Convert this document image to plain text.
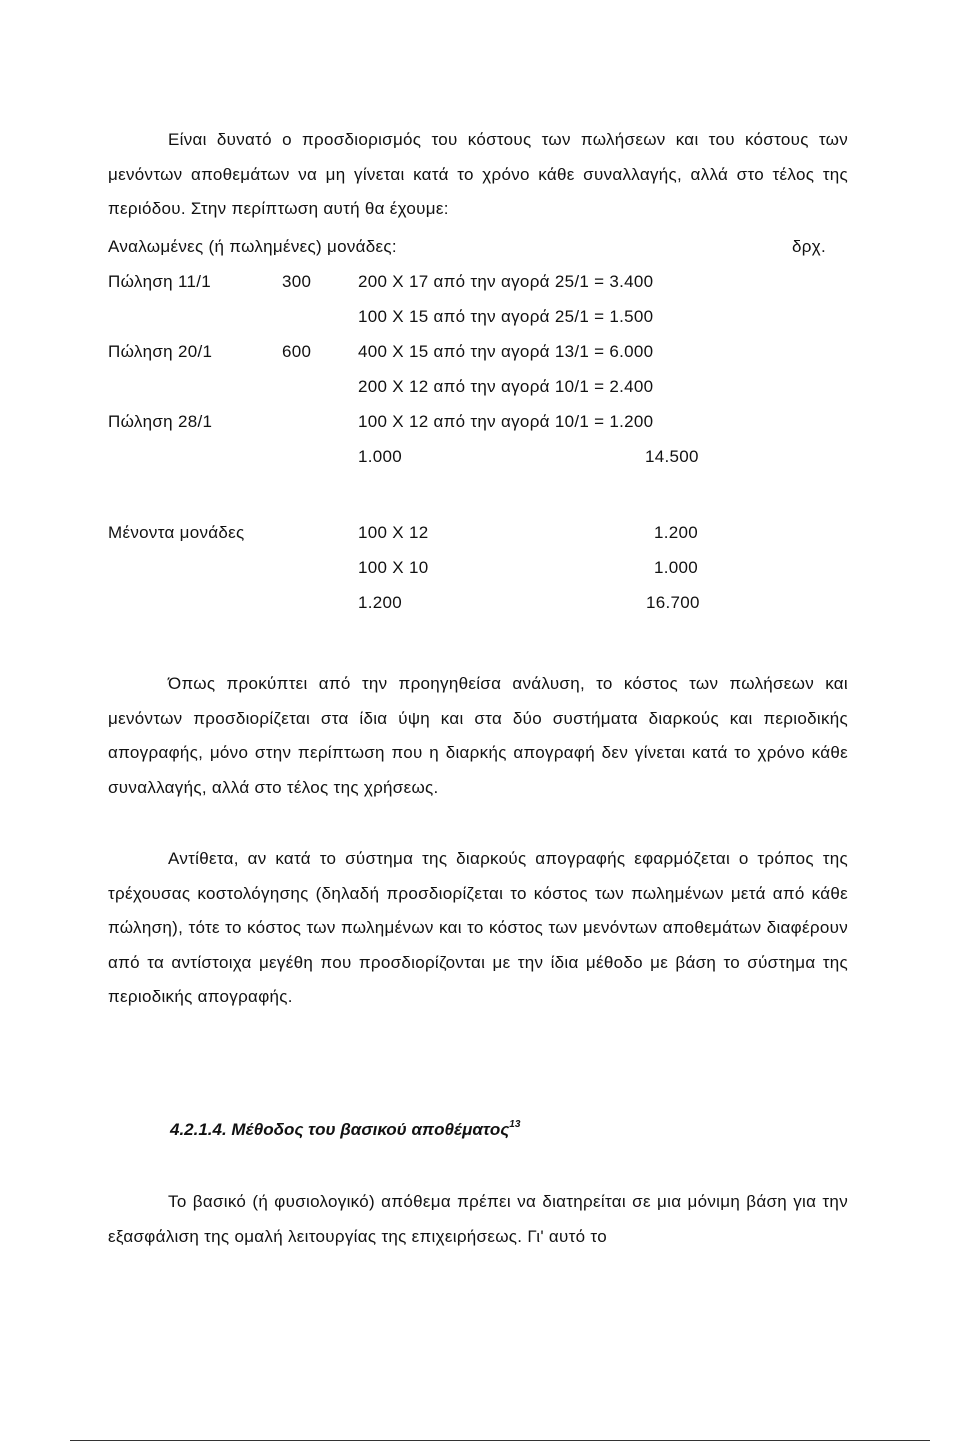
Είναι δυνατό ο προσδιορισμός του κόστους των πωλήσεων και του κόστους των μενόντων αποθεμάτων να μη γίνεται κατά το χρόνο κάθε συναλλαγής, αλλά στο τέλος της περιόδου. Στην περίπτωση αυτή θα έχουμε:
Αναλωμένες (ή πωλημένες) μονάδες:	δρχ.
Πώληση 11/1	300	200 Χ 17 από την αγορά 25/1 = 3.400
100 Χ 15 από την αγορά 25/1 = 1.500
Πώληση 20/1	600	400 Χ 15 από την αγορά 13/1 = 6.000
200 Χ 12 από την αγορά 10/1 = 2.400
Πώληση 28/1	100 Χ 12 από την αγορά 10/1 = 1.200
1.000	14.500
Μένοντα μονάδες	100 Χ 12	1.200
100 Χ 10	1.000
1.200	16.700
Όπως προκύπτει από την προηγηθείσα ανάλυση, το κόστος των πωλήσεων και μενόντων προσδιορίζεται στα ίδια ύψη και στα δύο συστήματα διαρκούς και περιοδικής απογραφής, μόνο στην περίπτωση που η διαρκής απογραφή δεν γίνεται κατά το χρόνο κάθε συναλλαγής, αλλά στο τέλος της χρήσεως.
Αντίθετα, αν κατά το σύστημα της διαρκούς απογραφής εφαρμόζεται ο τρόπος της τρέχουσας κοστολόγησης (δηλαδή προσδιορίζεται το κόστος των πωλημένων μετά από κάθε πώληση), τότε το κόστος των πωλημένων και το κόστος των μενόντων αποθεμάτων διαφέρουν από τα αντίστοιχα μεγέθη που προσδιορίζονται με την ίδια μέθοδο με βάση το σύστημα της περιοδικής απογραφής.
4.2.1.4. Μέθοδος του βασικού αποθέματος$^{13}$
Το βασικό (ή φυσιολογικό) απόθεμα πρέπει να διατηρείται σε μια μόνιμη βάση για την εξασφάλιση της ομαλή λειτουργίας της επιχειρήσεως. Γι' αυτό το
